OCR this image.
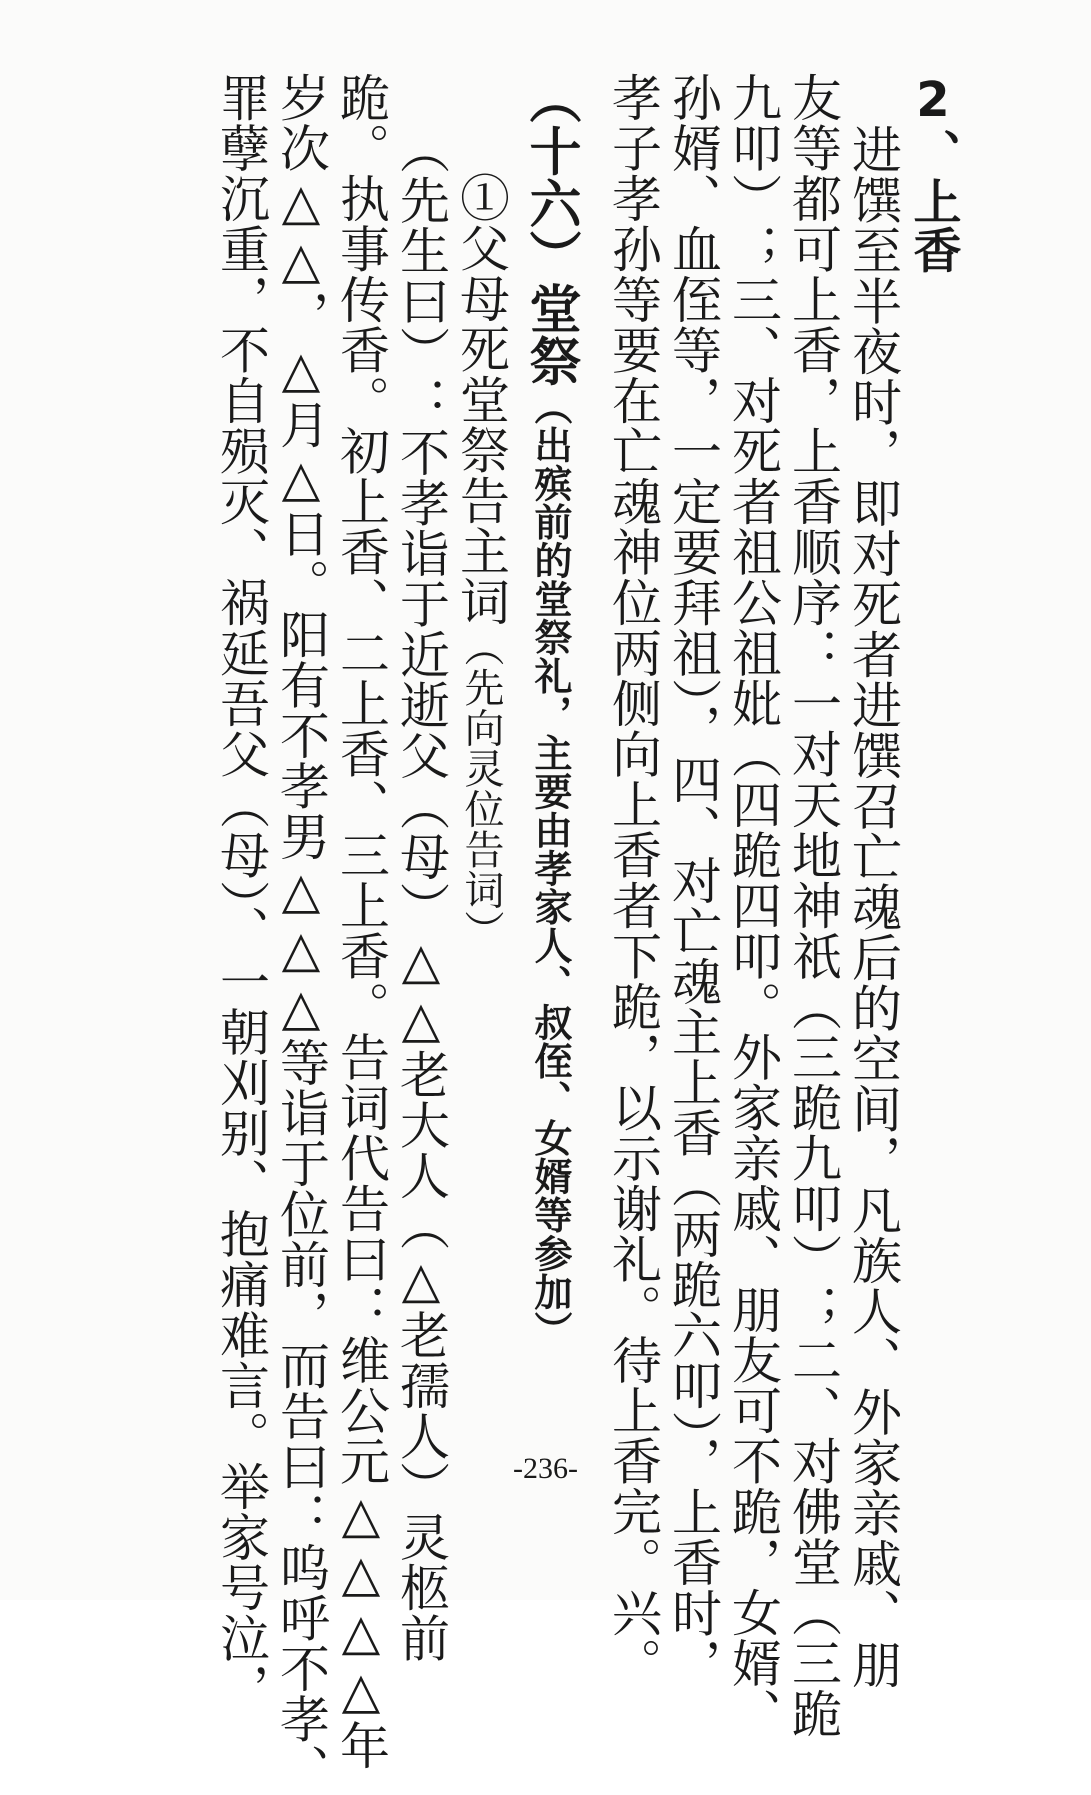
2、上香
进馔至半夜时，即对死者进馔召亡魂后的空间，凡族人、外家亲戚、朋
友等都可上香，上香顺序：一对天地神祇（三跪九叩）；二、对佛堂（三跪
九叩）；三、对死者祖公祖妣（四跪四叩。外家亲戚、朋友可不跪，女婿、
孙婿、血侄等，一定要拜祖），四、对亡魂主上香（两跪六叩），上香时，
孝子孝孙等要在亡魂神位两侧向上香者下跪，以示谢礼。待上香完。兴。
（十六）堂祭（出殡前的堂祭礼，主要由孝家人、叔侄、女婿等参加）
①父母死堂祭告主词（先向灵位告词）
（先生曰）：不孝诣于近逝父（母）△△老大人（△老孺人）灵柩前
跪。执事传香。初上香、二上香、三上香。告词代告曰：维公元△△△△年
岁次△△，△月△日。阳有不孝男△△△等诣于位前，而告曰：呜呼不孝、
罪孽沉重，不自殒灭、祸延吾父（母）、一朝刈别、抱痛难言。举家号泣，	-236-
